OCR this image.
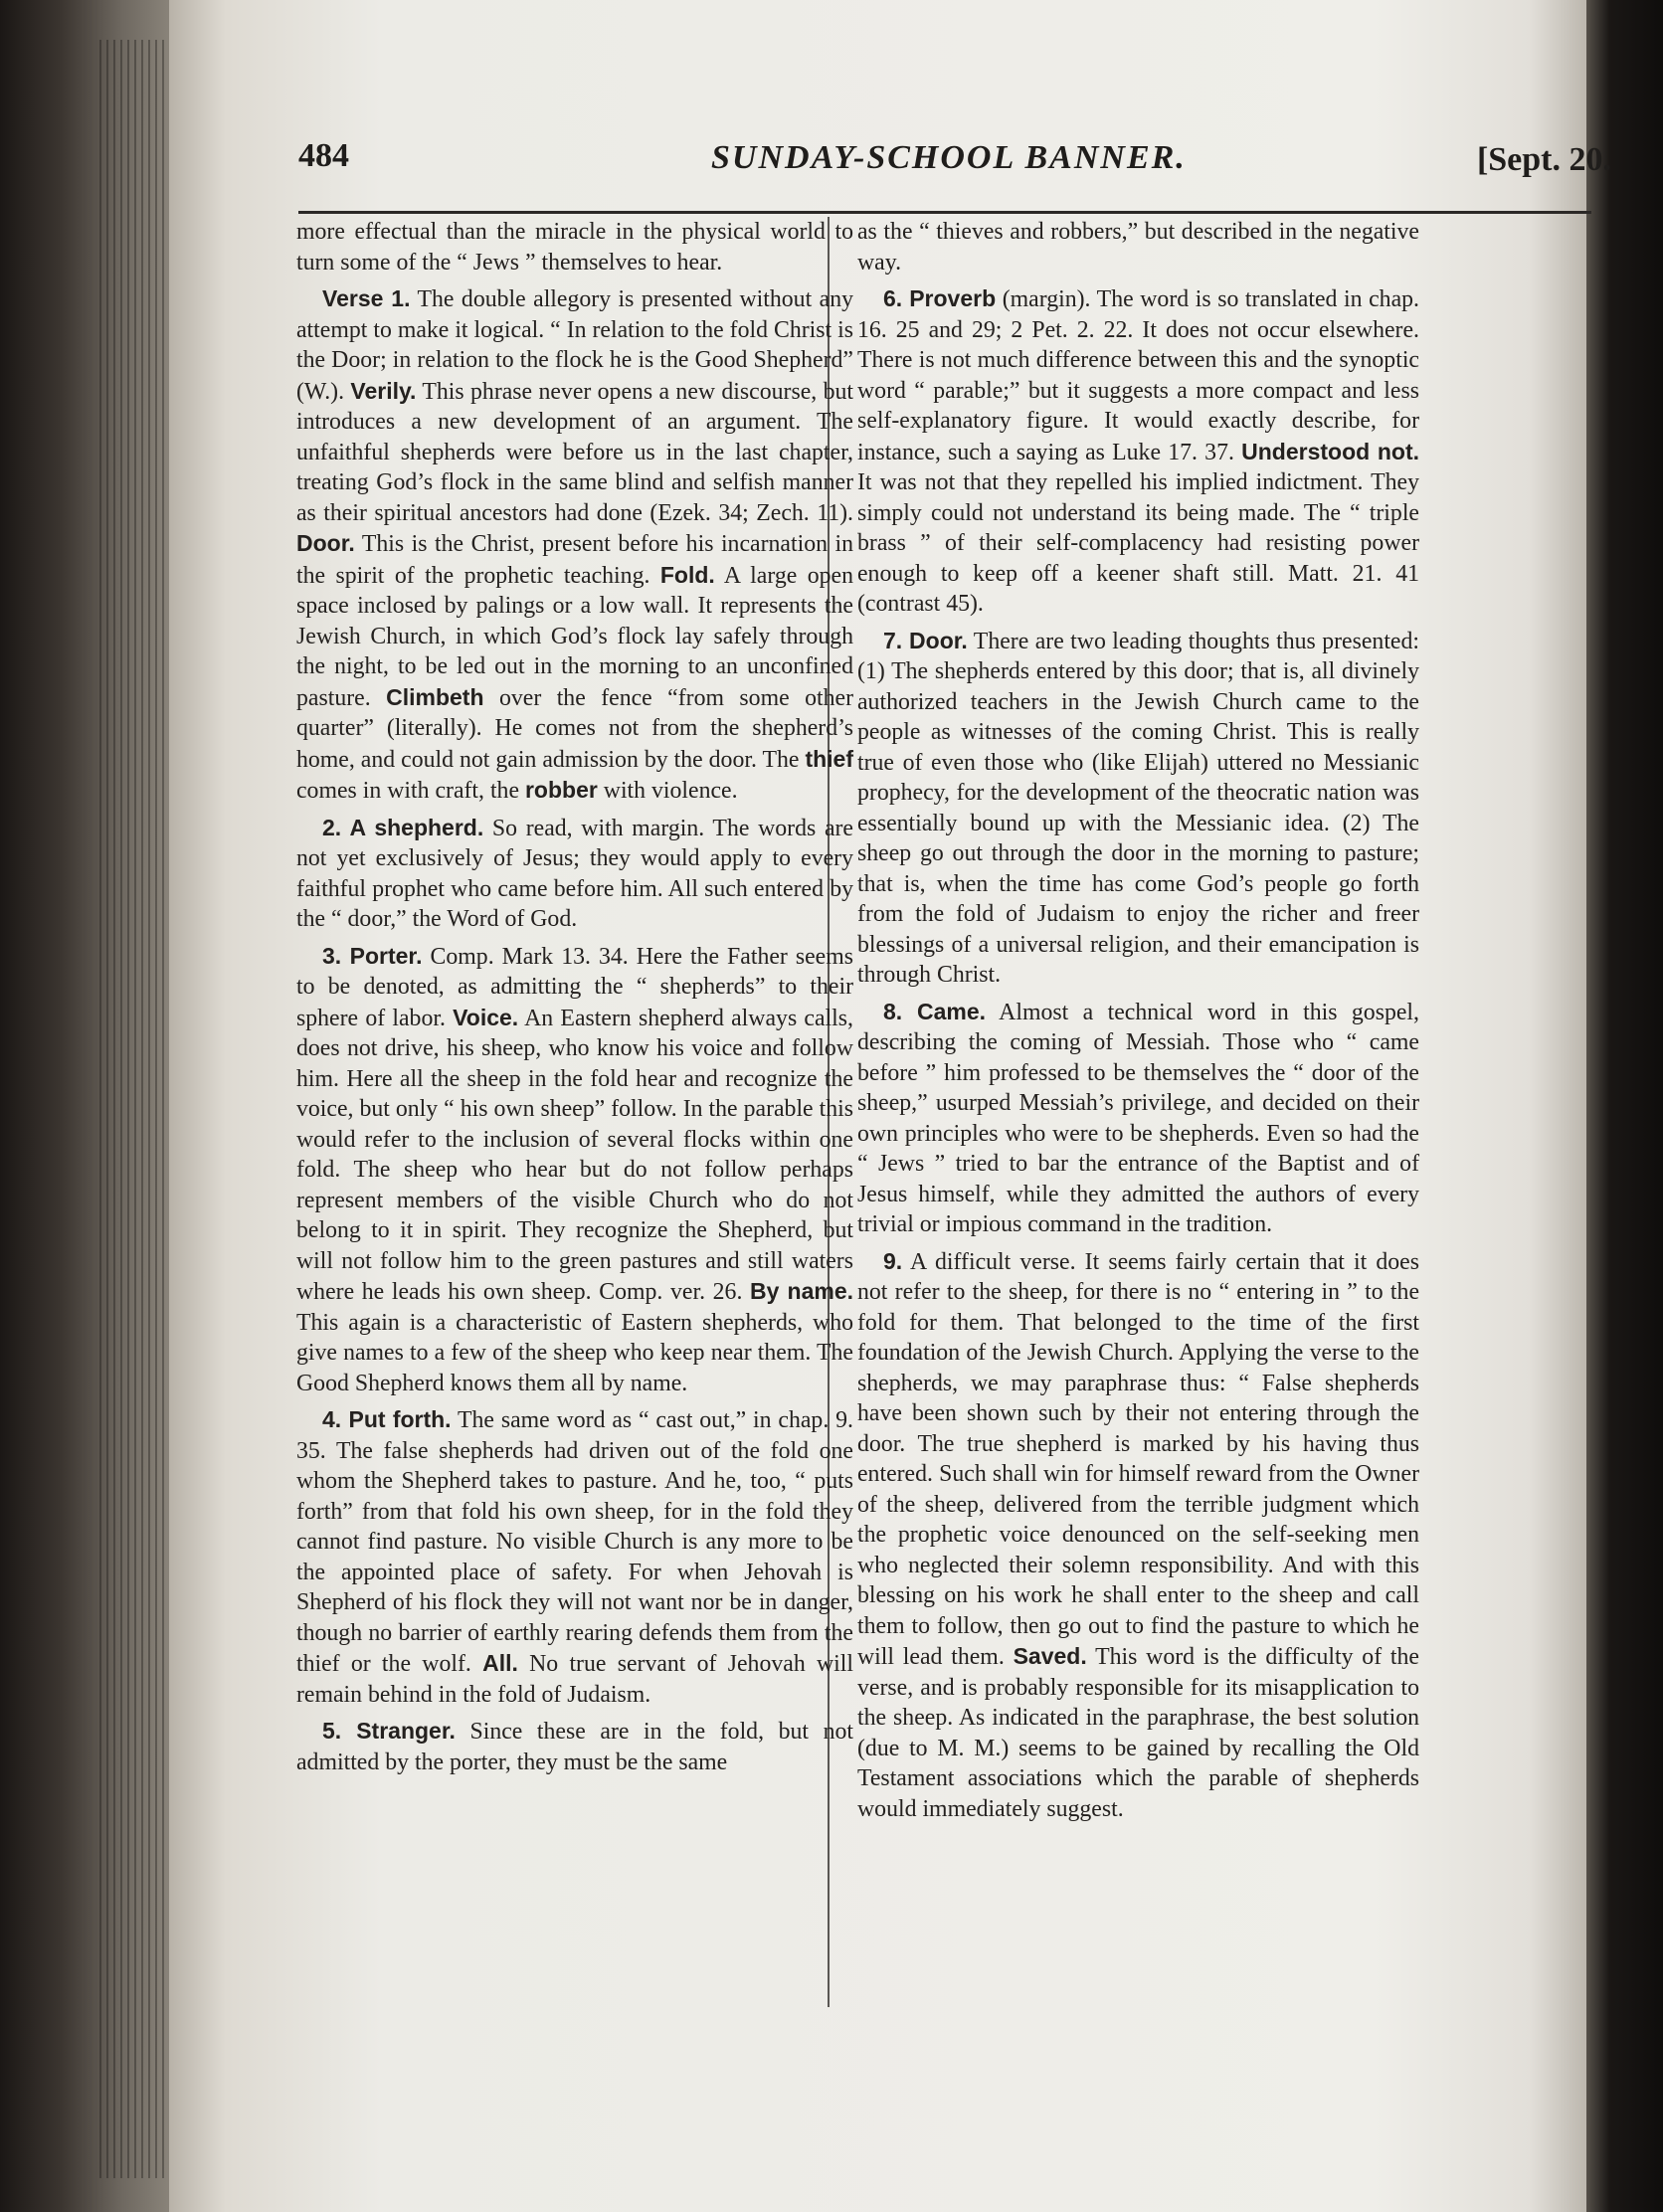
484	SUNDAY-SCHOOL BANNER.	[Sept. 20.

more effectual than the miracle in the physical world to turn some of the “ Jews ” themselves to hear.

Verse 1. The double allegory is presented without any attempt to make it logical. “ In relation to the fold Christ is the Door; in relation to the flock he is the Good Shepherd” (W.). Verily. This phrase never opens a new discourse, but introduces a new development of an argument. The unfaithful shepherds were before us in the last chapter, treating God’s flock in the same blind and selfish manner as their spiritual ancestors had done (Ezek. 34; Zech. 11). Door. This is the Christ, present before his incarnation in the spirit of the prophetic teaching. Fold. A large open space inclosed by palings or a low wall. It represents the Jewish Church, in which God’s flock lay safely through the night, to be led out in the morning to an unconfined pasture. Climbeth over the fence “from some other quarter” (literally). He comes not from the shepherd’s home, and could not gain admission by the door. The thief comes in with craft, the robber with violence.

2. A shepherd. So read, with margin. The words are not yet exclusively of Jesus; they would apply to every faithful prophet who came before him. All such entered by the “ door,” the Word of God.

3. Porter. Comp. Mark 13. 34. Here the Father seems to be denoted, as admitting the “ shepherds” to their sphere of labor. Voice. An Eastern shepherd always calls, does not drive, his sheep, who know his voice and follow him. Here all the sheep in the fold hear and recognize the voice, but only “ his own sheep” follow. In the parable this would refer to the inclusion of several flocks within one fold. The sheep who hear but do not follow perhaps represent members of the visible Church who do not belong to it in spirit. They recognize the Shepherd, but will not follow him to the green pastures and still waters where he leads his own sheep. Comp. ver. 26. By name. This again is a characteristic of Eastern shepherds, who give names to a few of the sheep who keep near them. The Good Shepherd knows them all by name.

4. Put forth. The same word as “ cast out,” in chap. 9. 35. The false shepherds had driven out of the fold one whom the Shepherd takes to pasture. And he, too, “ puts forth” from that fold his own sheep, for in the fold they cannot find pasture. No visible Church is any more to be the appointed place of safety. For when Jehovah is Shepherd of his flock they will not want nor be in danger, though no barrier of earthly rearing defends them from the thief or the wolf. All. No true servant of Jehovah will remain behind in the fold of Judaism.

5. Stranger. Since these are in the fold, but not admitted by the porter, they must be the same

as the “ thieves and robbers,” but described in the negative way.

6. Proverb (margin). The word is so translated in chap. 16. 25 and 29; 2 Pet. 2. 22. It does not occur elsewhere. There is not much difference between this and the synoptic word “ parable;” but it suggests a more compact and less self-explanatory figure. It would exactly describe, for instance, such a saying as Luke 17. 37. Understood not. It was not that they repelled his implied indictment. They simply could not understand its being made. The “ triple brass ” of their self-complacency had resisting power enough to keep off a keener shaft still. Matt. 21. 41 (contrast 45).

7. Door. There are two leading thoughts thus presented: (1) The shepherds entered by this door; that is, all divinely authorized teachers in the Jewish Church came to the people as witnesses of the coming Christ. This is really true of even those who (like Elijah) uttered no Messianic prophecy, for the development of the theocratic nation was essentially bound up with the Messianic idea. (2) The sheep go out through the door in the morning to pasture; that is, when the time has come God’s people go forth from the fold of Judaism to enjoy the richer and freer blessings of a universal religion, and their emancipation is through Christ.

8. Came. Almost a technical word in this gospel, describing the coming of Messiah. Those who “ came before ” him professed to be themselves the “ door of the sheep,” usurped Messiah’s privilege, and decided on their own principles who were to be shepherds. Even so had the “ Jews ” tried to bar the entrance of the Baptist and of Jesus himself, while they admitted the authors of every trivial or impious command in the tradition.

9. A difficult verse. It seems fairly certain that it does not refer to the sheep, for there is no “ entering in ” to the fold for them. That belonged to the time of the first foundation of the Jewish Church. Applying the verse to the shepherds, we may paraphrase thus: “ False shepherds have been shown such by their not entering through the door. The true shepherd is marked by his having thus entered. Such shall win for himself reward from the Owner of the sheep, delivered from the terrible judgment which the prophetic voice denounced on the self-seeking men who neglected their solemn responsibility. And with this blessing on his work he shall enter to the sheep and call them to follow, then go out to find the pasture to which he will lead them. Saved. This word is the difficulty of the verse, and is probably responsible for its misapplication to the sheep. As indicated in the paraphrase, the best solution (due to M. M.) seems to be gained by recalling the Old Testament associations which the parable of shepherds would immediately suggest.
